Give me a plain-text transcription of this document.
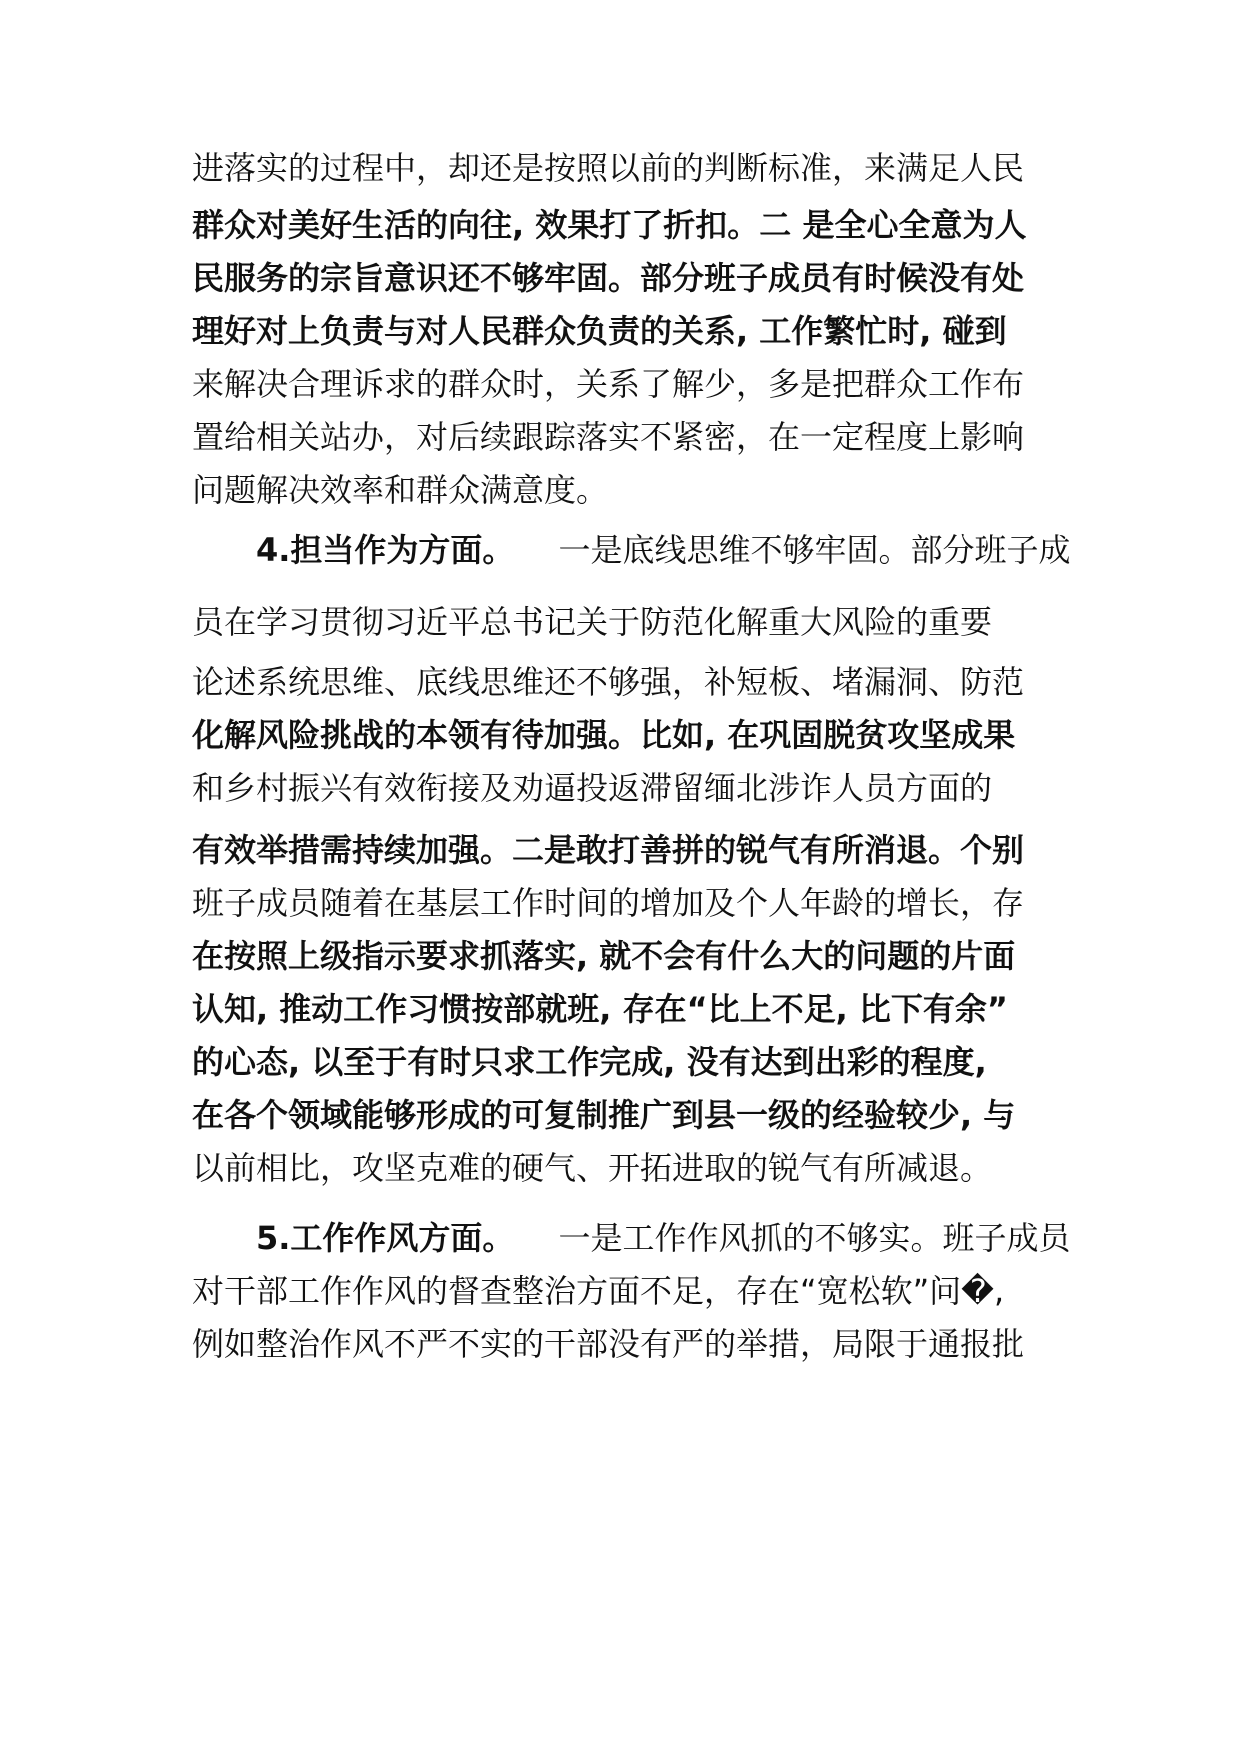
进落实的过程中，却还是按照以前的判断标准，来满足人民
群众对美好生活的向往, 效果打了折扣。二 是全心全意为人
民服务的宗旨意识还不够牢固。部分班子成员有时候没有处
理好对上负责与对人民群众负责的关系, 工作繁忙时, 碰到
来解决合理诉求的群众时，关系了解少，多是把群众工作布
置给相关站办，对后续跟踪落实不紧密，在一定程度上影响
问题解决效率和群众满意度。
4.担当作为方面。 一是底线思维不够牢固。部分班子成
员在学习贯彻习近平总书记关于防范化解重大风险的重要
论述系统思维、底线思维还不够强，补短板、堵漏洞、防范
化解风险挑战的本领有待加强。比如, 在巩固脱贫攻坚成果
和乡村振兴有效衔接及劝逼投返滞留缅北涉诈人员方面的
有效举措需持续加强。二是敢打善拼的锐气有所消退。个别
班子成员随着在基层工作时间的增加及个人年龄的增长，存
在按照上级指示要求抓落实, 就不会有什么大的问题的片面
认知, 推动工作习惯按部就班, 存在“比上不足, 比下有余”
的心态, 以至于有时只求工作完成, 没有达到出彩的程度,
在各个领域能够形成的可复制推广到县一级的经验较少, 与
以前相比，攻坚克难的硬气、开拓进取的锐气有所减退。
5.工作作风方面。 一是工作作风抓的不够实。班子成员
对干部工作作风的督查整治方面不足，存在“宽松软”问�,
例如整治作风不严不实的干部没有严的举措，局限于通报批
